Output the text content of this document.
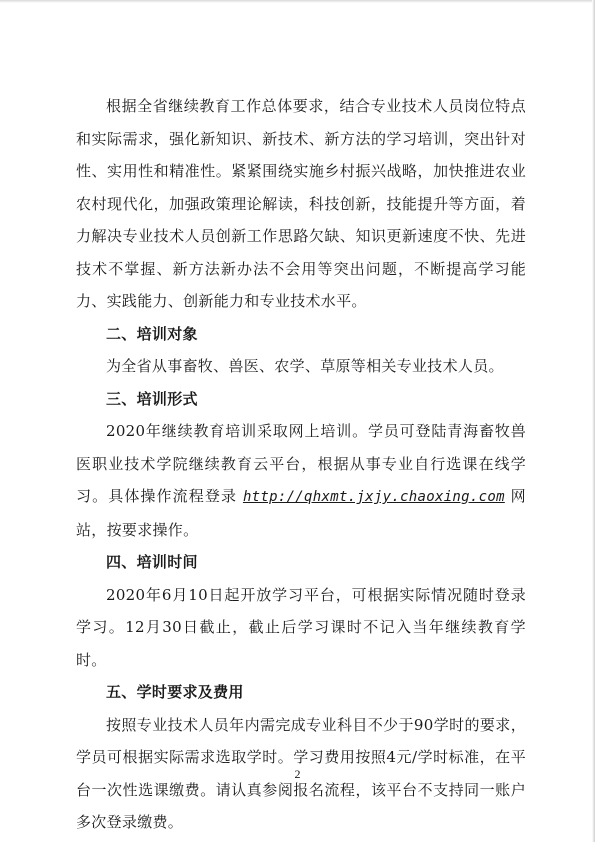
根据全省继续教育工作总体要求，结合专业技术人员岗位特点和实际需求，强化新知识、新技术、新方法的学习培训，突出针对性、实用性和精准性。紧紧围绕实施乡村振兴战略，加快推进农业农村现代化，加强政策理论解读，科技创新，技能提升等方面，着力解决专业技术人员创新工作思路欠缺、知识更新速度不快、先进技术不掌握、新方法新办法不会用等突出问题，不断提高学习能力、实践能力、创新能力和专业技术水平。

二、培训对象

为全省从事畜牧、兽医、农学、草原等相关专业技术人员。

三、培训形式

2020年继续教育培训采取网上培训。学员可登陆青海畜牧兽医职业技术学院继续教育云平台，根据从事专业自行选课在线学习。具体操作流程登录 http://qhxmt.jxjy.chaoxing.com 网站，按要求操作。

四、培训时间

2020年6月10日起开放学习平台，可根据实际情况随时登录学习。12月30日截止，截止后学习课时不记入当年继续教育学时。

五、学时要求及费用

按照专业技术人员年内需完成专业科目不少于90学时的要求，学员可根据实际需求选取学时。学习费用按照4元/学时标准，在平台一次性选课缴费。请认真参阅报名流程，该平台不支持同一账户多次登录缴费。

2
